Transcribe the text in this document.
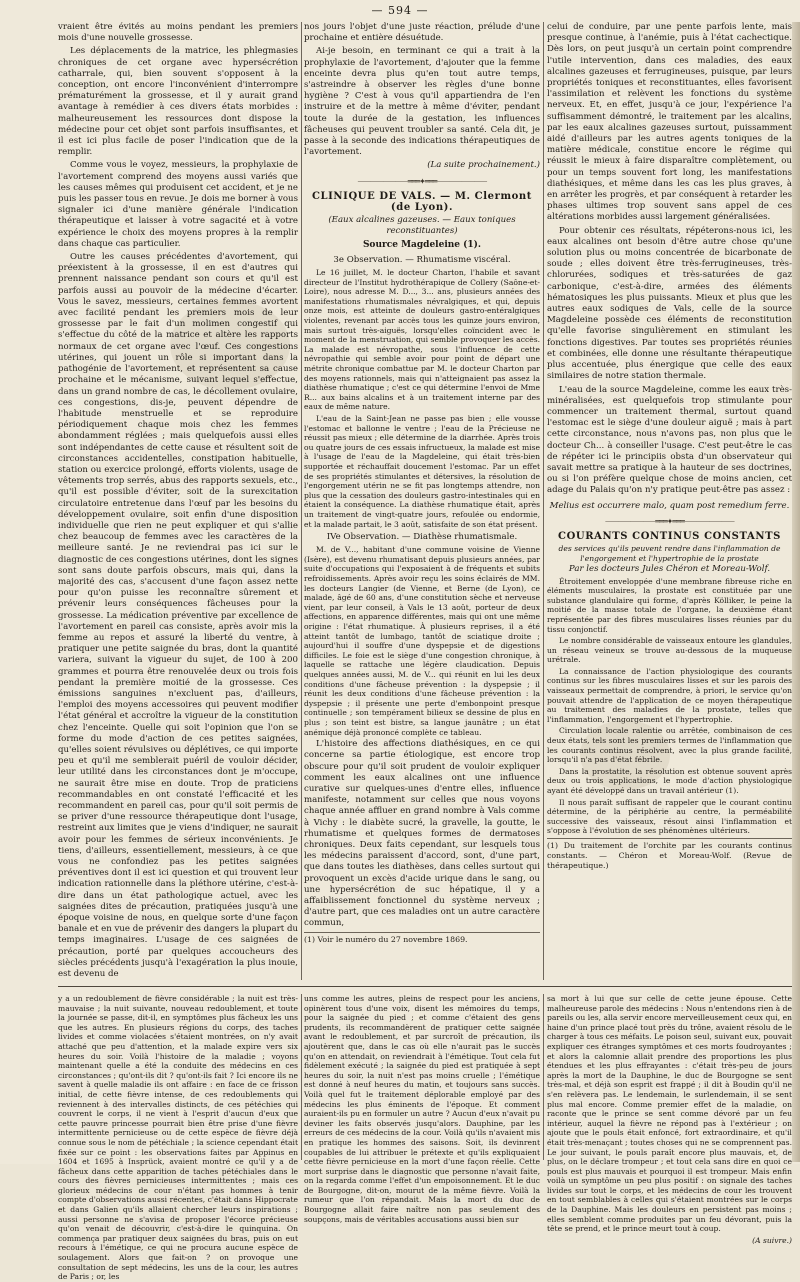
— 594 —

vraient être évités au moins pendant les premiers mois d'une nouvelle grossesse.

Les déplacements de la matrice, les phlegmasies chroniques de cet organe avec hypersécrétion catharrale, qui, bien souvent s'opposent à la conception, ont encore l'inconvénient d'interrompre prématurément la grossesse, et il y aurait grand avantage à remédier à ces divers états morbides : malheureusement les ressources dont dispose la médecine pour cet objet sont parfois insuffisantes, et il est ici plus facile de poser l'indication que de la remplir.

Comme vous le voyez, messieurs, la prophylaxie de l'avortement comprend des moyens aussi variés que les causes mêmes qui produisent cet accident, et je ne puis les passer tous en revue. Je dois me borner à vous signaler ici d'une manière générale l'indication thérapeutique et laisser à votre sagacité et à votre expérience le choix des moyens propres à la remplir dans chaque cas particulier.

Outre les causes précédentes d'avortement, qui préexistent à la grossesse, il en est d'autres qui prennent naissance pendant son cours et qu'il est parfois aussi au pouvoir de la médecine d'écarter. Vous le savez, messieurs, certaines femmes avortent avec facilité pendant les premiers mois de leur grossesse par le fait d'un molimen congestif qui s'effectue du côté de la matrice et altère les rapports normaux de cet organe avec l'œuf. Ces congestions utérines, qui jouent un rôle si important dans la pathogénie de l'avortement, et représentent sa cause prochaine et le mécanisme, suivant lequel s'effectue, dans un grand nombre de cas, le décollement ovulaire, ces congestions, dis-je, peuvent dépendre de l'habitude menstruelle et se reproduire périodiquement chaque mois chez les femmes abondamment réglées ; mais quelquefois aussi elles sont indépendantes de cette cause et résultent soit de circonstances accidentelles, constipation habituelle, station ou exercice prolongé, efforts violents, usage de vêtements trop serrés, abus des rapports sexuels, etc., qu'il est possible d'éviter, soit de la surexcitation circulatoire entretenue dans l'œuf par les besoins du développement ovulaire, soit enfin d'une disposition individuelle que rien ne peut expliquer et qui s'allie chez beaucoup de femmes avec les caractères de la meilleure santé. Je ne reviendrai pas ici sur le diagnostic de ces congestions utérines, dont les signes sont sans doute parfois obscurs, mais qui, dans la majorité des cas, s'accusent d'une façon assez nette pour qu'on puisse les reconnaître sûrement et prévenir leurs conséquences fâcheuses pour la grossesse. La médication préventive par excellence de l'avortement en pareil cas consiste, après avoir mis la femme au repos et assuré la liberté du ventre, à pratiquer une petite saignée du bras, dont la quantité variera, suivant la vigueur du sujet, de 100 à 200 grammes et pourra être renouvelée deux ou trois fois pendant la première moitié de la grossesse. Ces émissions sanguines n'excluent pas, d'ailleurs, l'emploi des moyens accessoires qui peuvent modifier l'état général et accroître la vigueur de la constitution chez l'enceinte. Quelle qui soit l'opinion que l'on se forme du mode d'action de ces petites saignées, qu'elles soient révulsives ou déplétives, ce qui importe peu et qu'il me semblerait puéril de vouloir décider, leur utilité dans les circonstances dont je m'occupe, ne saurait être mise en doute. Trop de praticiens recommandables en ont constaté l'efficacité et les recommandent en pareil cas, pour qu'il soit permis de se priver d'une ressource thérapeutique dont l'usage, restreint aux limites que je viens d'indiquer, ne saurait avoir pour les femmes de sérieux inconvénients. Je tiens, d'ailleurs, essentiellement, messieurs, à ce que vous ne confondiez pas les petites saignées préventives dont il est ici question et qui trouvent leur indication rationnelle dans la pléthore utérine, c'est-à-dire dans un état pathologique actuel, avec les saignées dites de précaution, pratiquées jusqu'à une époque voisine de nous, en quelque sorte d'une façon banale et en vue de prévenir des dangers la plupart du temps imaginaires. L'usage de ces saignées de précaution, porté par quelques accoucheurs des siècles précédents jusqu'à l'exagération la plus inouie, est devenu de

nos jours l'objet d'une juste réaction, prélude d'une prochaine et entière désuétude.

Ai-je besoin, en terminant ce qui a trait à la prophylaxie de l'avortement, d'ajouter que la femme enceinte devra plus qu'en tout autre temps, s'astreindre à observer les règles d'une bonne hygiène ? C'est à vous qu'il appartiendra de l'en instruire et de la mettre à même d'éviter, pendant toute la durée de la gestation, les influences fâcheuses qui peuvent troubler sa santé. Cela dit, je passe à la seconde des indications thérapeutiques de l'avortement.

(La suite prochainement.)
⸺⸺⸺⸺═══✦═══⸺⸺⸺⸺
CLINIQUE DE VALS. — M. Clermont (de Lyon).
(Eaux alcalines gazeuses. — Eaux toniques reconstituantes)
Source Magdeleine (1).
3e Observation. — Rhumatisme viscéral.

Le 16 juillet, M. le docteur Charton, l'habile et savant directeur de l'Institut hydrothérapique de Collery (Saône-et-Loire), nous adresse M. D..., 3... ans, plusieurs années des manifestations rhumatismales névralgiques, et qui, depuis onze mois, est atteinte de douleurs gastro-entéralgiques violentes, revenant par accès tous les quinze jours environ, mais surtout très-aiguës, lorsqu'elles coïncident avec le moment de la menstruation, qui semble provoquer les accès. La malade est névropathe, sous l'influence de cette névropathie qui semble avoir pour point de départ une métrite chronique combattue par M. le docteur Charton par des moyens rationnels, mais qui n'atteignaient pas assez la diathèse rhumatique ; c'est ce qui détermine l'envoi de Mme R... aux bains alcalins et à un traitement interne par des eaux de même nature.

L'eau de la Saint-Jean ne passe pas bien ; elle vousse l'estomac et ballonne le ventre ; l'eau de la Précieuse ne réussit pas mieux ; elle détermine de la diarrhée. Après trois ou quatre jours de ces essais infructueux, la malade est mise à l'usage de l'eau de la Magdeleine, qui était très-bien supportée et réchauffait doucement l'estomac. Par un effet de ses propriétés stimulantes et détersives, la résolution de l'engorgement utérin ne se fit pas longtemps attendre, non plus que la cessation des douleurs gastro-intestinales qui en étaient la conséquence. La diathèse rhumatique était, après un traitement de vingt-quatre jours, refoulée ou endormie, et la malade partait, le 3 août, satisfaite de son état présent.

IVe Observation. — Diathèse rhumatismale.

M. de V..., habitant d'une commune voisine de Vienne (Isère), est devenu rhumatisant depuis plusieurs années, par suite d'occupations qui l'exposaient à de fréquents et subits refroidissements. Après avoir reçu les soins éclairés de MM. les docteurs Langier (de Vienne, et Berne (de Lyon), ce malade, âgé de 60 ans, d'une constitution sèche et nerveuse vient, par leur conseil, à Vals le 13 août, porteur de deux affections, en apparence différentes, mais qui ont une même origine : l'état rhumatique. À plusieurs reprises, il a été atteint tantôt de lumbago, tantôt de sciatique droite ; aujourd'hui il souffre d'une dyspepsie et de digestions difficiles. Le foie est le siège d'une congestion chronique, à laquelle se rattache une légère claudication. Depuis quelques années aussi, M. de V... qui réunit en lui les deux conditions d'une fâcheuse prévention : la dyspepsie ; il réunit les deux conditions d'une fâcheuse prévention : la dyspepsie ; il présente une perte d'embonpoint presque continuelle ; son tempérament bilieux se dessine de plus en plus ; son teint est bistre, sa langue jaunâtre ; un état anémique déjà prononcé complète ce tableau.

L'histoire des affections diathésiques, en ce qui concerne sa partie étiologique, est encore trop obscure pour qu'il soit prudent de vouloir expliquer comment les eaux alcalines ont une influence curative sur quelques-unes d'entre elles, influence manifeste, notamment sur celles que nous voyons chaque année affluer en grand nombre à Vals comme à Vichy : le diabète sucré, la gravelle, la goutte, le rhumatisme et quelques formes de dermatoses chroniques. Deux faits cependant, sur lesquels tous les médecins paraissent d'accord, sont, d'une part, que dans toutes les diathèses, dans celles surtout qui provoquent un excès d'acide urique dans le sang, ou une hypersécrétion de suc hépatique, il y a affaiblissement fonctionnel du système nerveux ; d'autre part, que ces maladies ont un autre caractère commun,

(1) Voir le numéro du 27 novembre 1869.

celui de conduire, par une pente parfois lente, mais presque continue, à l'anémie, puis à l'état cachectique. Dès lors, on peut jusqu'à un certain point comprendre l'utile intervention, dans ces maladies, des eaux alcalines gazeuses et ferrugineuses, puisque, par leurs propriétés toniques et reconstituantes, elles favorisent l'assimilation et relèvent les fonctions du système nerveux. Et, en effet, jusqu'à ce jour, l'expérience l'a suffisamment démontré, le traitement par les alcalins, par les eaux alcalines gazeuses surtout, puissamment aidé d'ailleurs par les autres agents toniques de la matière médicale, constitue encore le régime qui réussit le mieux à faire disparaître complètement, ou pour un temps souvent fort long, les manifestations diathésiques, et même dans les cas les plus graves, à en arrêter les progrès, et par conséquent à retarder les phases ultimes trop souvent sans appel de ces altérations morbides aussi largement généralisées.

Pour obtenir ces résultats, répéterons-nous ici, les eaux alcalines ont besoin d'être autre chose qu'une solution plus ou moins concentrée de bicarbonate de soude ; elles doivent être très-ferrugineuses, très-chlorurées, sodiques et très-saturées de gaz carbonique, c'est-à-dire, armées des éléments hématosiques les plus puissants. Mieux et plus que les autres eaux sodiques de Vals, celle de la source Magdeleine possède ces éléments de reconstitution qu'elle favorise singulièrement en stimulant les fonctions digestives. Par toutes ses propriétés réunies et combinées, elle donne une résultante thérapeutique plus accentuée, plus énergique que celle des eaux similaires de notre station thermale.

L'eau de la source Magdeleine, comme les eaux très-minéralisées, est quelquefois trop stimulante pour commencer un traitement thermal, surtout quand l'estomac est le siège d'une douleur aiguë ; mais à part cette circonstance, nous n'avons pas, non plus que le docteur Ch... à conseiller l'usage. C'est peut-être le cas de répéter ici le principiis obsta d'un observateur qui savait mettre sa pratique à la hauteur de ses doctrines, ou si l'on préfère quelque chose de moins ancien, cet adage du Palais qu'on n'y pratique peut-être pas assez :

Melius est occurrere malo, quam post remedium ferre.
⸺⸺⸺⸺═══✦═══⸺⸺⸺⸺
COURANTS CONTINUS CONSTANTS
des services qu'ils peuvent rendre dans l'inflammation de l'engorgement et l'hypertrophie de la prostate
Par les docteurs Jules Chéron et Moreau-Wolf.

Étroitement enveloppée d'une membrane fibreuse riche en éléments musculaires, la prostate est constituée par une substance glandulaire qui forme, d'après Kölliker, le peine la moitié de la masse totale de l'organe, la deuxième étant représentée par des fibres musculaires lisses réunies par du tissu conjonctif.

Le nombre considérable de vaisseaux entoure les glandules, un réseau veineux se trouve au-dessous de la muqueuse urétrale.

La connaissance de l'action physiologique des courants continus sur les fibres musculaires lisses et sur les parois des vaisseaux permettait de comprendre, à priori, le service qu'on pouvait attendre de l'application de ce moyen thérapeutique au traitement des maladies de la prostate, telles que l'inflammation, l'engorgement et l'hypertrophie.

Circulation locale ralentie ou arrêtée, combinaison de ces deux états, tels sont les premiers termes de l'inflammation que les courants continus résolvent, avec la plus grande facilité, lorsqu'il n'a pas d'état fébrile.

Dans la prostatite, la résolution est obtenue souvent après deux ou trois applications, le mode d'action physiologique ayant été développé dans un travail antérieur (1).

Il nous paraît suffisant de rappeler que le courant continu détermine, de la périphérie au centre, la perméabilité successive des vaisseaux, résout ainsi l'inflammation et s'oppose à l'évolution de ses phénomènes ultérieurs.

(1) Du traitement de l'orchite par les courants continus constants. — Chéron et Moreau-Wolf. (Revue de thérapeutique.)

y a un redoublement de fièvre considérable ; la nuit est très-mauvaise ; la nuit suivante, nouveau redoublement, et toute la journée se passe, dit-il, en symptômes plus fâcheux les uns que les autres. En plusieurs régions du corps, des taches livides et comme violacées s'étaient montrées, on n'y avait attaché que peu d'attention, et la malade expire vers six heures du soir. Voilà l'histoire de la maladie ; voyons maintenant quelle a été la conduite des médecins en ces circonstances ; qu'ont-ils dit ? qu'ont-ils fait ? Ici encore ils ne savent à quelle maladie ils ont affaire : en face de ce frisson initial, de cette fièvre intense, de ces redoublements qui reviennent à des intervalles distincts, de ces pétéchies qui couvrent le corps, il ne vient à l'esprit d'aucun d'eux que cette pauvre princesse pourrait bien être prise d'une fièvre intermittente pernicieuse ou de cette espèce de fièvre déjà connue sous le nom de pétéchiale ; la science cependant était fixée sur ce point : les observations faites par Appinus en 1604 et 1695 à Insprück, avaient montré ce qu'il y a de fâcheux dans cette apparition de taches pétéchiales dans le cours des fièvres pernicieuses intermittentes ; mais ces glorieux médecins de cour n'étant pas hommes à tenir compte d'observations aussi récentes, c'était dans Hippocrate et dans Galien qu'ils allaient chercher leurs inspirations ; aussi personne ne s'avisa de proposer l'écorce précieuse qu'on venait de découvrir, c'est-à-dire le quinquina. On commença par pratiquer deux saignées du bras, puis on eut recours à l'émétique, ce qui ne procura aucune espèce de soulagement. Alors que fait-on ? on provoque une consultation de sept médecins, les uns de la cour, les autres de Paris ; or, les

uns comme les autres, pleins de respect pour les anciens, opinèrent tous d'une voix, disent les mémoires du temps, pour la saignée du pied ; et comme c'étaient des gens prudents, ils recommandèrent de pratiquer cette saignée avant le redoublement, et par surcroît de précaution, ils ajoutèrent que, dans le cas où elle n'aurait pas le succès qu'on en attendait, on reviendrait à l'émétique. Tout cela fut fidèlement exécuté ; la saignée du pied est pratiquée à sept heures du soir, la nuit n'est pas moins cruelle ; l'émétique est donné à neuf heures du matin, et toujours sans succès. Voilà quel fut le traitement déplorable employé par des médecins les plus éminents de l'époque. Et comment auraient-ils pu en formuler un autre ? Aucun d'eux n'avait pu deviner les faits observés jusqu'alors. Dauphine, par les erreurs de ces médecins de la cour. Voilà qu'ils n'avaient mis en pratique les hommes des saisons. Soit, ils devinrent coupables de lui attribuer le prétexte et qu'ils expliquaient cette fièvre pernicieuse en la mort d'une façon réelle. Cette mort surprise dans le diagnostic que personne n'avait faite, on la regarda comme l'effet d'un empoisonnement. Et le duc de Bourgogne, dit-on, mourut de la même fièvre. Voilà la rumeur que l'on répandait. Mais la mort du duc de Bourgogne allait faire naître non pas seulement des soupçons, mais de véritables accusations aussi bien sur

sa mort à lui que sur celle de cette jeune épouse. Cette malheureuse parole des médecins : Nous n'entendons rien à de pareils ou les, alla servir encore merveilleusement ceux qui, en haine d'un prince placé tout près du trône, avaient résolu de le charger à tous ces méfaits. Le poison seul, suivant eux, pouvait expliquer ces étranges symptômes et ces morts foudroyantes ; et alors la calomnie allait prendre des proportions les plus étendues et les plus effrayantes : c'était très-peu de jours après la mort de la Dauphine, le duc de Bourgogne se sent très-mal, et déjà son esprit est frappé ; il dit à Boudin qu'il ne s'en relèvera pas. Le lendemain, le surlendemain, il se sent plus mal encore. Comme premier effet de la maladie, on raconte que le prince se sent comme dévoré par un feu intérieur, auquel la fièvre ne répond pas à l'extérieur ; on ajoute que le pouls était enfoncé, fort extraordinaire, et qu'il était très-menaçant ; toutes choses qui ne se comprennent pas. Le jour suivant, le pouls paraît encore plus mauvais, et, de plus, on le déclare trompeur ; et tout cela sans dire en quoi ce pouls est plus mauvais et pourquoi il est trompeur. Mais enfin voilà un symptôme un peu plus positif : on signale des taches livides sur tout le corps, et les médecins de cour les trouvent en tout semblables à celles qui s'étaient montrées sur le corps de la Dauphine. Mais les douleurs en persistent pas moins ; elles semblent comme produites par un feu dévorant, puis la tête se prend, et le prince meurt tout à coup.

(A suivre.)
